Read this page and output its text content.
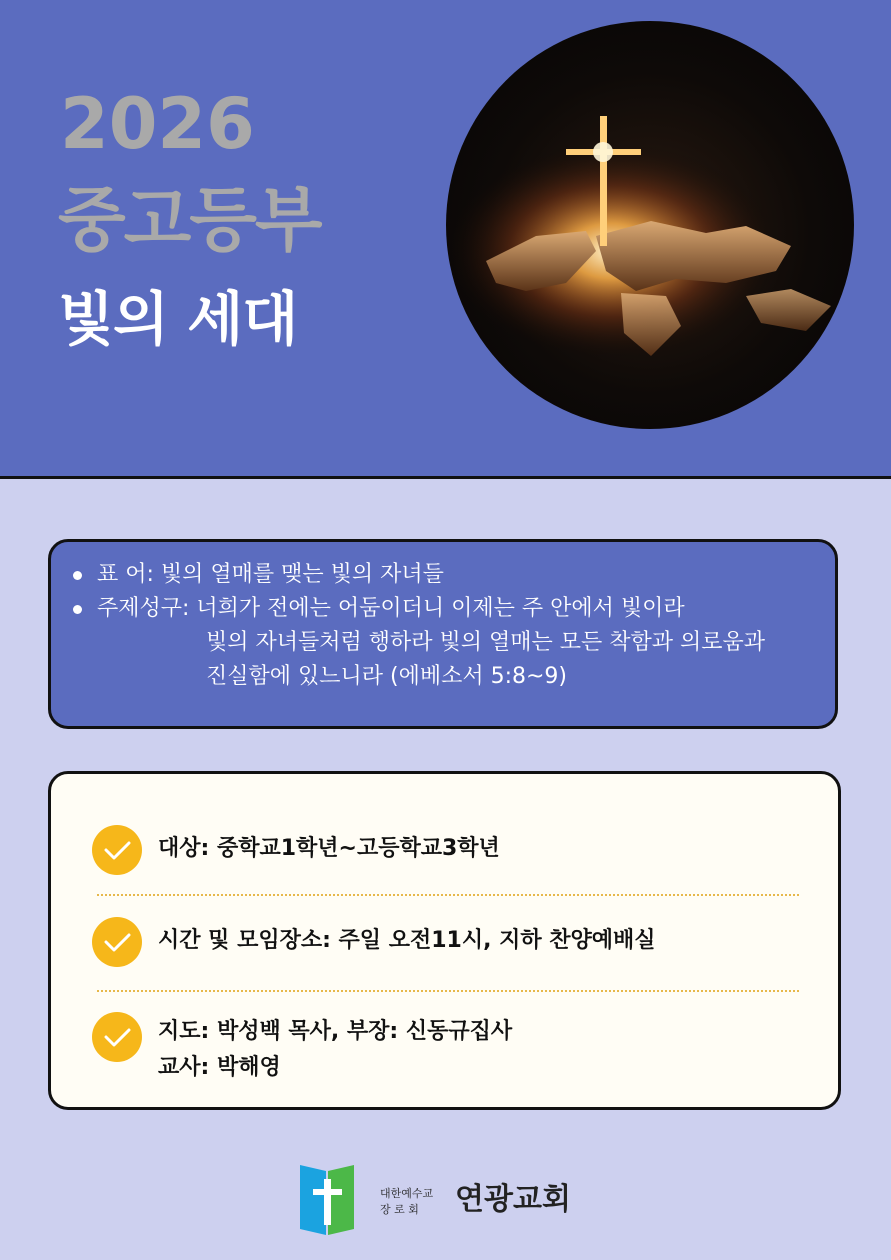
2026
중고등부
빛의 세대
표 어: 빛의 열매를 맺는 빛의 자녀들
주제성구: 너희가 전에는 어둠이더니 이제는 주 안에서 빛이라
빛의 자녀들처럼 행하라 빛의 열매는 모든 착함과 의로움과
진실함에 있느니라 (에베소서 5:8~9)
대상: 중학교1학년~고등학교3학년
시간 및 모임장소: 주일 오전11시, 지하 찬양예배실
지도: 박성백 목사, 부장: 신동규집사
교사: 박해영
대한예수교
장 로 회 연광교회
